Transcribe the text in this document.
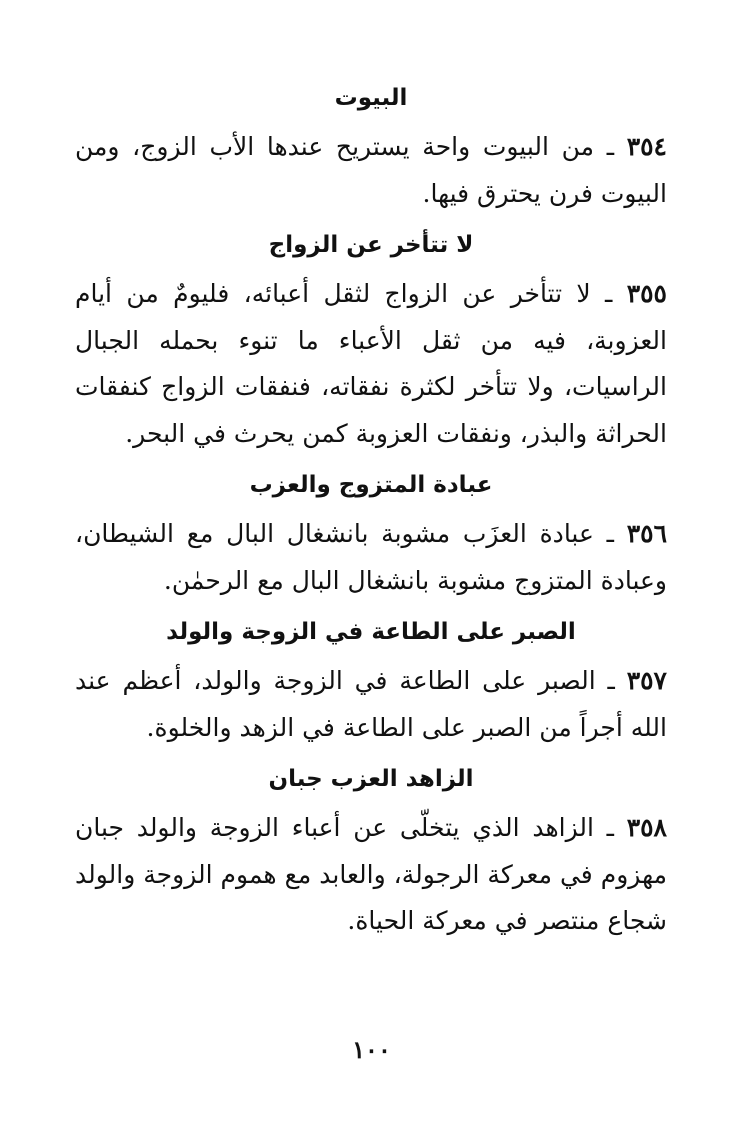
البيوت

٣٥٤ ـ من البيوت واحة يستريح عندها الأب الزوج، ومن البيوت فرن يحترق فيها.

لا تتأخر عن الزواج

٣٥٥ ـ لا تتأخر عن الزواج لثقل أعبائه، فليومٌ من أيام العزوبة، فيه من ثقل الأعباء ما تنوء بحمله الجبال الراسيات، ولا تتأخر لكثرة نفقاته، فنفقات الزواج كنفقات الحراثة والبذر، ونفقات العزوبة كمن يحرث في البحر.

عبادة المتزوج والعزب

٣٥٦ ـ عبادة العزَب مشوبة بانشغال البال مع الشيطان، وعبادة المتزوج مشوبة بانشغال البال مع الرحمٰن.

الصبر على الطاعة في الزوجة والولد

٣٥٧ ـ الصبر على الطاعة في الزوجة والولد، أعظم عند الله أجراً من الصبر على الطاعة في الزهد والخلوة.

الزاهد العزب جبان

٣٥٨ ـ الزاهد الذي يتخلّى عن أعباء الزوجة والولد جبان مهزوم في معركة الرجولة، والعابد مع هموم الزوجة والولد شجاع منتصر في معركة الحياة.

١٠٠
